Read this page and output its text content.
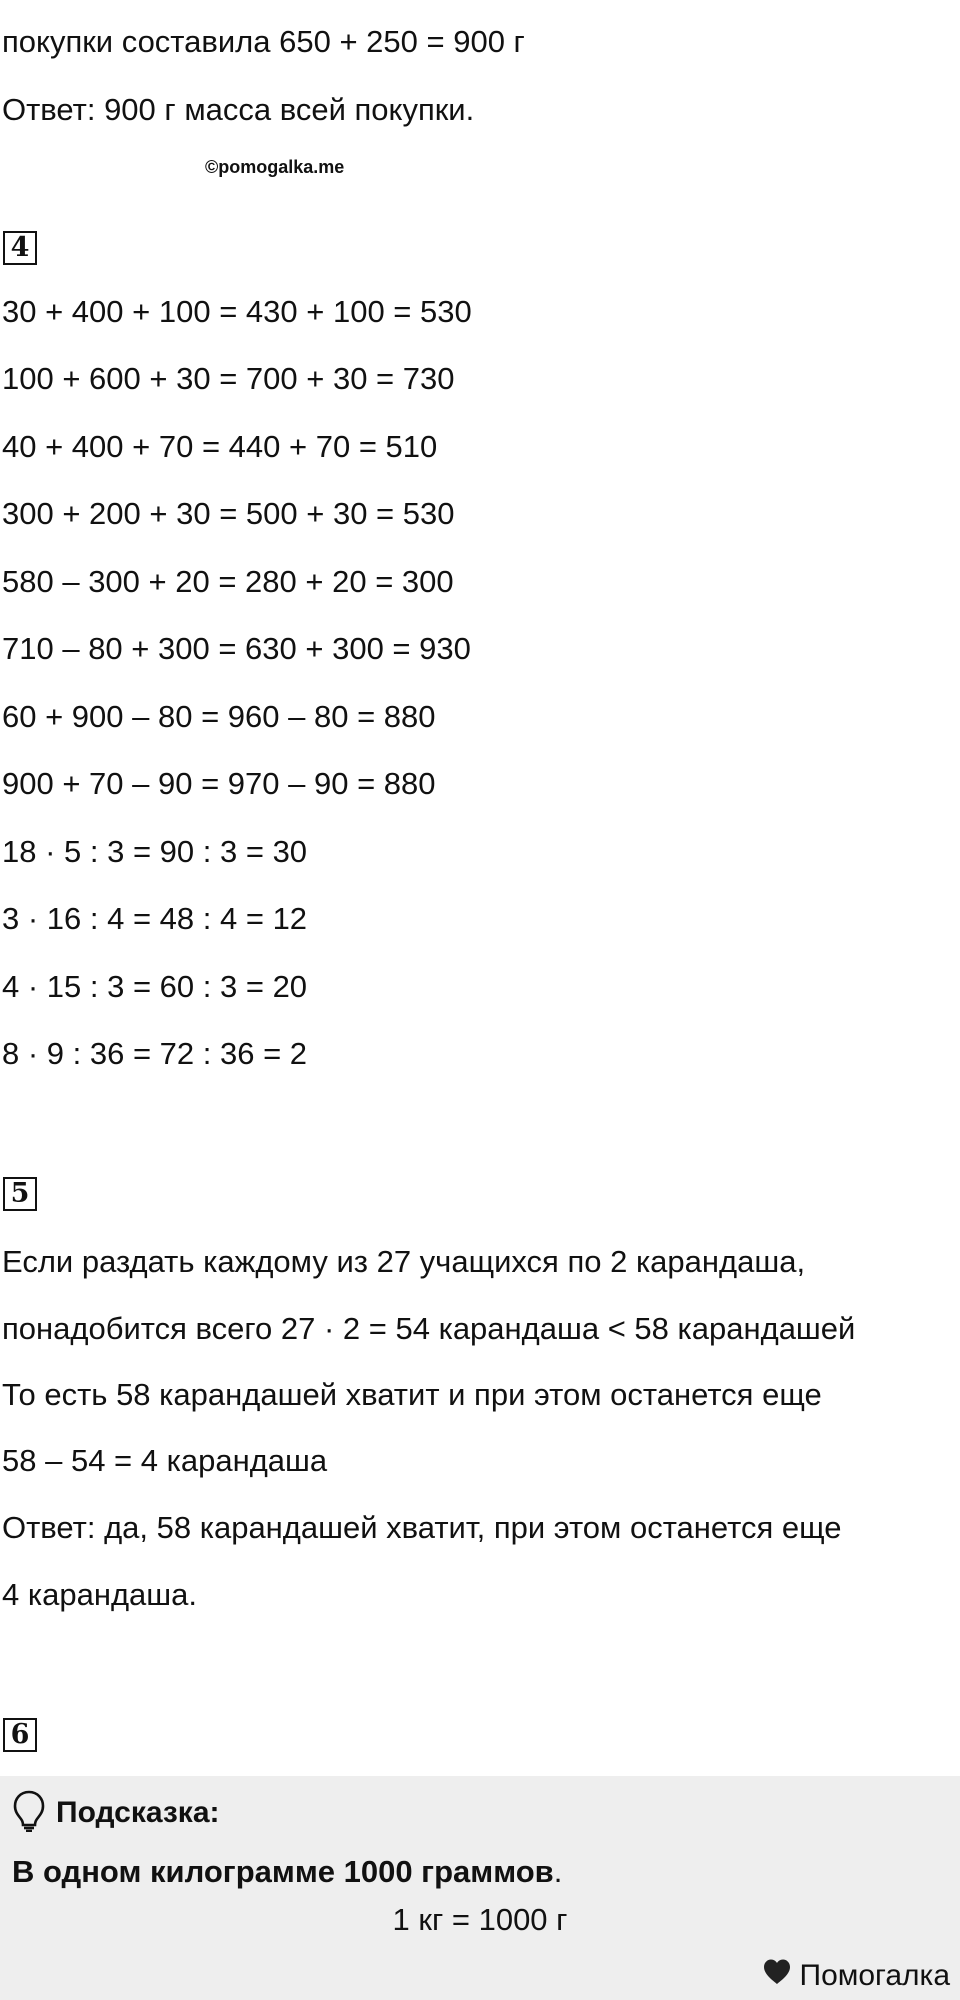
покупки составила 650 + 250 = 900 г
Ответ: 900 г масса всей покупки.
©pomogalka.me
4
30 + 400 + 100 = 430 + 100 = 530
100 + 600 + 30 = 700 + 30 = 730
40 + 400 + 70 = 440 + 70 = 510
300 + 200 + 30 = 500 + 30 = 530
580 – 300 + 20 = 280 + 20 = 300
710 – 80 + 300 = 630 + 300 = 930
60 + 900 – 80 = 960 – 80 = 880
900 + 70 – 90 = 970 – 90 = 880
18 · 5 : 3 = 90 : 3 = 30
3 · 16 : 4 = 48 : 4 = 12
4 · 15 : 3 = 60 : 3 = 20
8 · 9 : 36 = 72 : 36 = 2
5
Если раздать каждому из 27 учащихся по 2 карандаша,
понадобится всего 27 · 2 = 54 карандаша < 58 карандашей
То есть 58 карандашей хватит и при этом останется еще
58 – 54 = 4 карандаша
Ответ: да, 58 карандашей хватит, при этом останется еще
4 карандаша.
6
Подсказка:
В одном килограмме 1000 граммов.
1 кг = 1000 г
Помогалка
